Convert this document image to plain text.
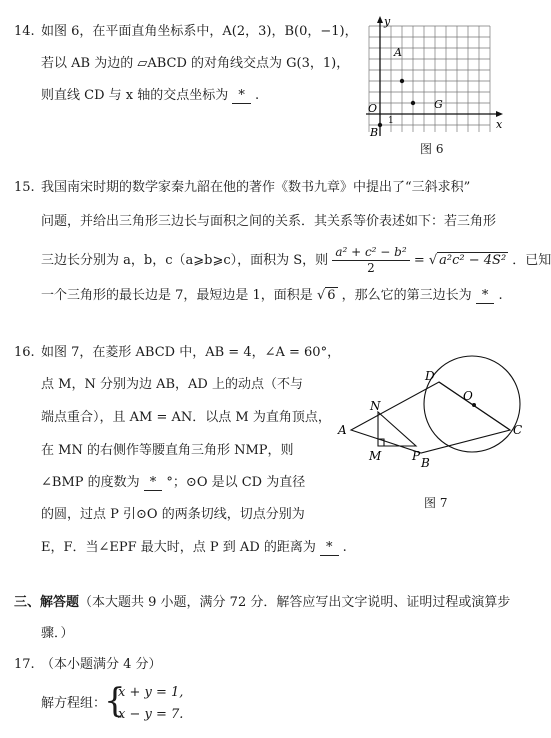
14. 如图 6，在平面直角坐标系中，A(2，3)，B(0，−1)，
若以 AB 为边的 ▱ABCD 的对角线交点为 G(3，1)，
则直线 CD 与 x 轴的交点坐标为 * .
y
x
O
1
A
B
G
图 6
15. 我国南宋时期的数学家秦九韶在他的著作《数书九章》中提出了“三斜求积”
问题，并给出三角形三边长与面积之间的关系．其关系等价表述如下：若三角形
三边长分别为 a，b，c（a⩾b⩾c），面积为 S，则 $\frac{\text{a² + c² − b²}}{2}$ = √ a²c² − 4S² ．已知
一个三角形的最长边是 7，最短边是 1，面积是 √ 6 ，那么它的第三边长为 * .
16. 如图 7，在菱形 ABCD 中，AB = 4，∠A = 60°，
点 M，N 分别为边 AB，AD 上的动点（不与
端点重合），且 AM = AN．以点 M 为直角顶点，
在 MN 的右侧作等腰直角三角形 NMP，则
∠BMP 的度数为 * °；⊙O 是以 CD 为直径
的圆，过点 P 引⊙O 的两条切线，切点分别为
E，F．当∠EPF 最大时，点 P 到 AD 的距离为 * .
A
B
C
D
N
M	P
O
图 7
三、解答题（本大题共 9 小题，满分 72 分．解答应写出文字说明、证明过程或演算步
骤．）
17. （本小题满分 4 分）
解方程组：
{
x + y = 1,
x − y = 7.
